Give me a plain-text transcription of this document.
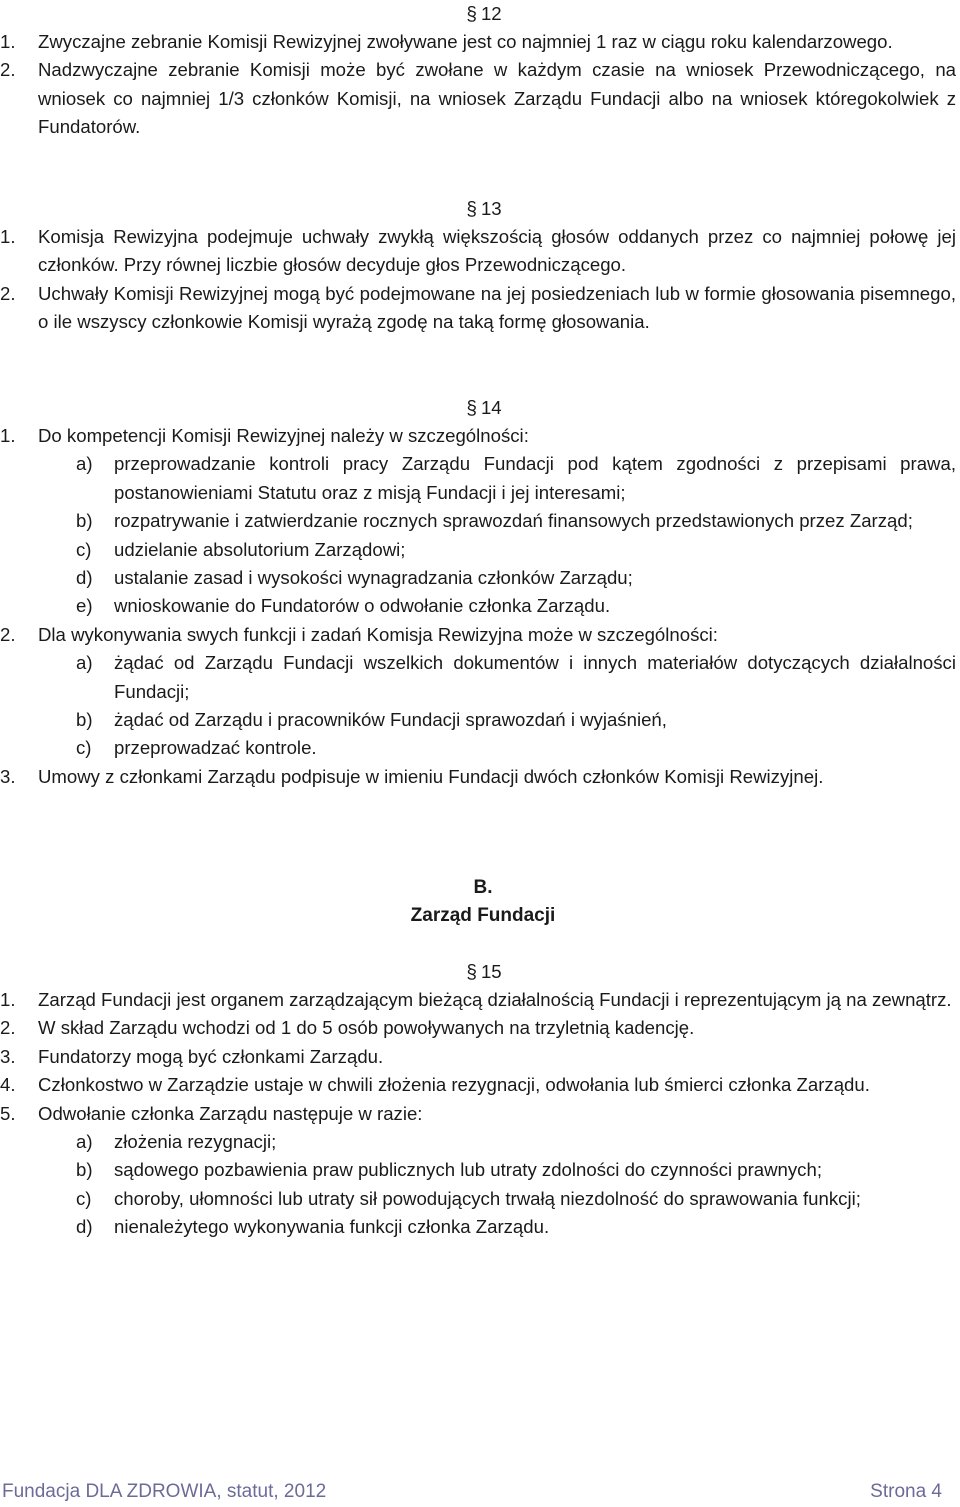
§ 12
1.	Zwyczajne zebranie Komisji Rewizyjnej zwoływane jest co najmniej 1 raz w ciągu roku kalendarzowego.
2.	Nadzwyczajne zebranie Komisji może być zwołane w każdym czasie na wniosek Przewodniczącego, na wniosek co najmniej 1/3 członków Komisji, na wniosek Zarządu Fundacji albo na wniosek któregokolwiek z Fundatorów.
§ 13
1.	Komisja Rewizyjna podejmuje uchwały zwykłą większością głosów oddanych przez co najmniej połowę jej członków. Przy równej liczbie głosów decyduje głos Przewodniczącego.
2.	Uchwały Komisji Rewizyjnej mogą być podejmowane na jej posiedzeniach lub w formie głosowania pisemnego, o ile wszyscy członkowie Komisji wyrażą zgodę na taką formę głosowania.
§ 14
1.	Do kompetencji Komisji Rewizyjnej należy w szczególności:
a)	przeprowadzanie kontroli pracy Zarządu Fundacji pod kątem zgodności z przepisami prawa, postanowieniami Statutu oraz z misją Fundacji i jej interesami;
b)	rozpatrywanie i zatwierdzanie rocznych sprawozdań finansowych przedstawionych przez Zarząd;
c)	udzielanie absolutorium Zarządowi;
d)	ustalanie zasad i wysokości wynagradzania członków Zarządu;
e)	wnioskowanie do Fundatorów o odwołanie członka Zarządu.
2.	Dla wykonywania swych funkcji i zadań Komisja Rewizyjna może w szczególności:
a)	żądać od Zarządu Fundacji wszelkich dokumentów i innych materiałów dotyczących działalności Fundacji;
b)	żądać od Zarządu i pracowników Fundacji sprawozdań i wyjaśnień,
c)	przeprowadzać kontrole.
3.	Umowy z członkami Zarządu podpisuje w imieniu Fundacji dwóch członków Komisji Rewizyjnej.
B.
Zarząd Fundacji
§ 15
1.	Zarząd Fundacji jest organem zarządzającym bieżącą działalnością Fundacji i reprezentującym ją na zewnątrz.
2.	W skład Zarządu wchodzi od 1 do 5 osób powoływanych na trzyletnią kadencję.
3.	Fundatorzy mogą być członkami Zarządu.
4.	Członkostwo w Zarządzie ustaje w chwili złożenia rezygnacji, odwołania lub śmierci członka Zarządu.
5.	Odwołanie członka Zarządu następuje w razie:
a)	złożenia rezygnacji;
b)	sądowego pozbawienia praw publicznych lub utraty zdolności do czynności prawnych;
c)	choroby, ułomności lub utraty sił powodujących trwałą niezdolność do sprawowania funkcji;
d)	nienależytego wykonywania funkcji członka Zarządu.
Fundacja DLA ZDROWIA, statut, 2012	Strona 4
